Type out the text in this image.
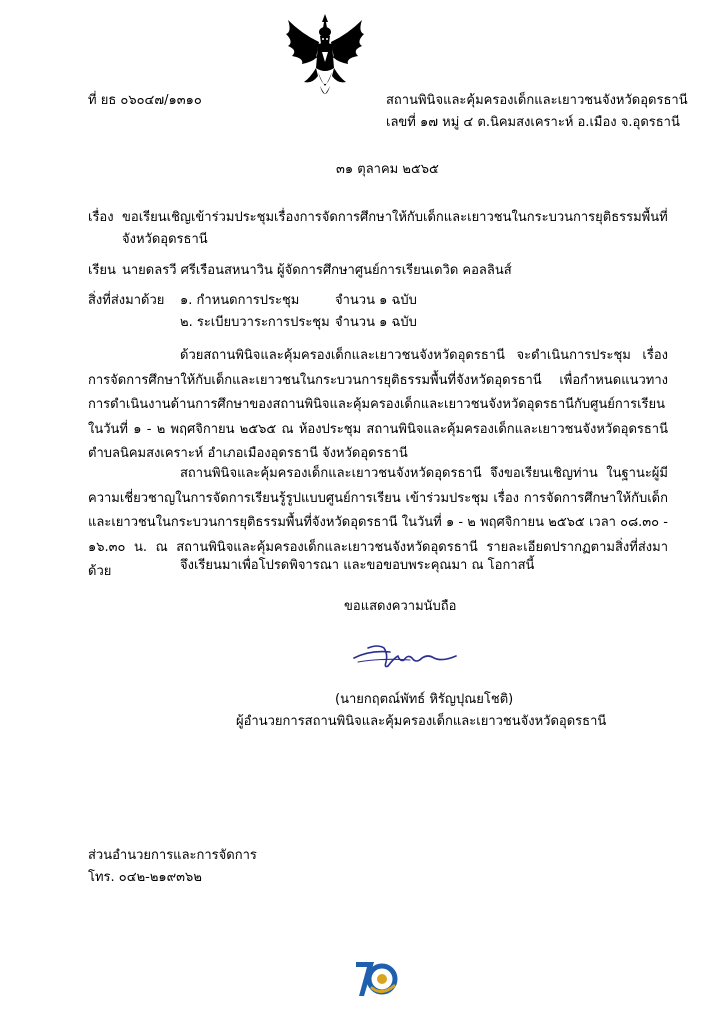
ที่ ยธ ๐๖๐๔๗/๑๓๑๐	สถานพินิจและคุ้มครองเด็กและเยาวชนจังหวัดอุดรธานี
เลขที่ ๑๗ หมู่ ๔ ต.นิคมสงเคราะห์ อ.เมือง จ.อุดรธานี
๓๑ ตุลาคม ๒๕๖๕
เรื่อง ขอเรียนเชิญเข้าร่วมประชุมเรื่องการจัดการศึกษาให้กับเด็กและเยาวชนในกระบวนการยุติธรรมพื้นที่
จังหวัดอุดรธานี
เรียน นายดลรวี ศรีเรือนสหนาวิน ผู้จัดการศึกษาศูนย์การเรียนเดวิด คอลลินส์
สิ่งที่ส่งมาด้วย ๑. กำหนดการประชุม	จำนวน ๑ ฉบับ
๒. ระเบียบวาระการประชุม จำนวน ๑ ฉบับ
ด้วยสถานพินิจและคุ้มครองเด็กและเยาวชนจังหวัดอุดรธานี จะดำเนินการประชุม เรื่องการจัดการศึกษาให้กับเด็กและเยาวชนในกระบวนการยุติธรรมพื้นที่จังหวัดอุดรธานี เพื่อกำหนดแนวทางการดำเนินงานด้านการศึกษาของสถานพินิจและคุ้มครองเด็กและเยาวชนจังหวัดอุดรธานีกับศูนย์การเรียน ในวันที่ ๑ - ๒ พฤศจิกายน ๒๕๖๕ ณ ห้องประชุม สถานพินิจและคุ้มครองเด็กและเยาวชนจังหวัดอุดรธานี ตำบลนิคมสงเคราะห์ อำเภอเมืองอุดรธานี จังหวัดอุดรธานี
สถานพินิจและคุ้มครองเด็กและเยาวชนจังหวัดอุดรธานี จึงขอเรียนเชิญท่าน ในฐานะผู้มีความเชี่ยวชาญในการจัดการเรียนรู้รูปแบบศูนย์การเรียน เข้าร่วมประชุม เรื่อง การจัดการศึกษาให้กับเด็กและเยาวชนในกระบวนการยุติธรรมพื้นที่จังหวัดอุดรธานี ในวันที่ ๑ - ๒ พฤศจิกายน ๒๕๖๕ เวลา ๐๘.๓๐ - ๑๖.๓๐ น. ณ สถานพินิจและคุ้มครองเด็กและเยาวชนจังหวัดอุดรธานี รายละเอียดปรากฏตามสิ่งที่ส่งมาด้วย	จึงเรียนมาเพื่อโปรดพิจารณา และขอขอบพระคุณมา ณ โอกาสนี้
ขอแสดงความนับถือ
(นายกฤตณ์พัทธ์ หิรัญปุณยโชติ)
ผู้อำนวยการสถานพินิจและคุ้มครองเด็กและเยาวชนจังหวัดอุดรธานี
ส่วนอำนวยการและการจัดการ
โทร. ๐๔๒-๒๑๙๓๖๒
